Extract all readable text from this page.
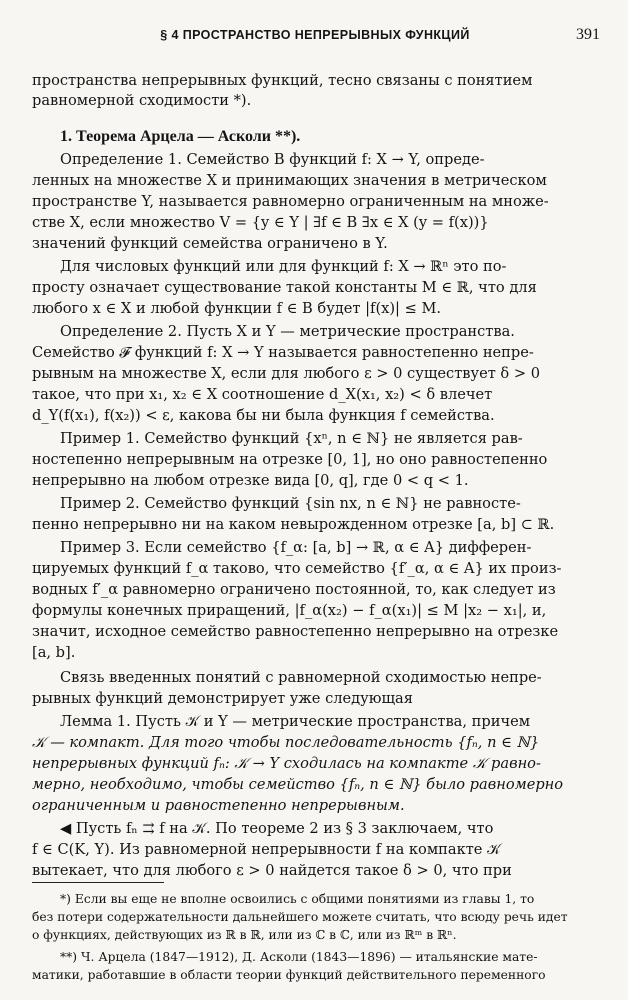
§ 4 ПРОСТРАНСТВО НЕПРЕРЫВНЫХ ФУНКЦИЙ	391
пространства непрерывных функций, тесно связаны с понятием
равномерной сходимости *).
1. Теорема Арцела — Асколи **).
Определение 1. Семейство B функций f: X → Y, опреде-
ленных на множестве X и принимающих значения в метрическом
пространстве Y, называется равномерно ограниченным на множе-
стве X, если множество V = {y ∈ Y | ∃f ∈ B ∃x ∈ X (y = f(x))}
значений функций семейства ограничено в Y.
Для числовых функций или для функций f: X → ℝⁿ это по-
просту означает существование такой константы M ∈ ℝ, что для
любого x ∈ X и любой функции f ∈ B будет |f(x)| ≤ M.
Определение 2. Пусть X и Y — метрические пространства.
Семейство 𝓕 функций f: X → Y называется равностепенно непре-
рывным на множестве X, если для любого ε > 0 существует δ > 0
такое, что при x₁, x₂ ∈ X соотношение d_X(x₁, x₂) < δ влечет
d_Y(f(x₁), f(x₂)) < ε, какова бы ни была функция f семейства.
Пример 1. Семейство функций {xⁿ, n ∈ ℕ} не является рав-
ностепенно непрерывным на отрезке [0, 1], но оно равностепенно
непрерывно на любом отрезке вида [0, q], где 0 < q < 1.
Пример 2. Семейство функций {sin nx, n ∈ ℕ} не равносте-
пенно непрерывно ни на каком невырожденном отрезке [a, b] ⊂ ℝ.
Пример 3. Если семейство {f_α: [a, b] → ℝ, α ∈ A} дифферен-
цируемых функций f_α таково, что семейство {f′_α, α ∈ A} их произ-
водных f′_α равномерно ограничено постоянной, то, как следует из
формулы конечных приращений, |f_α(x₂) − f_α(x₁)| ≤ M |x₂ − x₁|, и,
значит, исходное семейство равностепенно непрерывно на отрезке
[a, b].
Связь введенных понятий с равномерной сходимостью непре-
рывных функций демонстрирует уже следующая
Лемма 1. Пусть 𝒦 и Y — метрические пространства, причем
𝒦 — компакт. Для того чтобы последовательность {fₙ, n ∈ ℕ}
непрерывных функций fₙ: 𝒦 → Y сходилась на компакте 𝒦 равно-
мерно, необходимо, чтобы семейство {fₙ, n ∈ ℕ} было равномерно
ограниченным и равностепенно непрерывным.
◀ Пусть fₙ ⇉ f на 𝒦. По теореме 2 из § 3 заключаем, что
f ∈ C(K, Y). Из равномерной непрерывности f на компакте 𝒦
вытекает, что для любого ε > 0 найдется такое δ > 0, что при
*) Если вы еще не вполне освоились с общими понятиями из главы 1, то
без потери содержательности дальнейшего можете считать, что всюду речь идет
о функциях, действующих из ℝ в ℝ, или из ℂ в ℂ, или из ℝᵐ в ℝⁿ.
**) Ч. Арцела (1847—1912), Д. Асколи (1843—1896) — итальянские мате-
матики, работавшие в области теории функций действительного переменного
